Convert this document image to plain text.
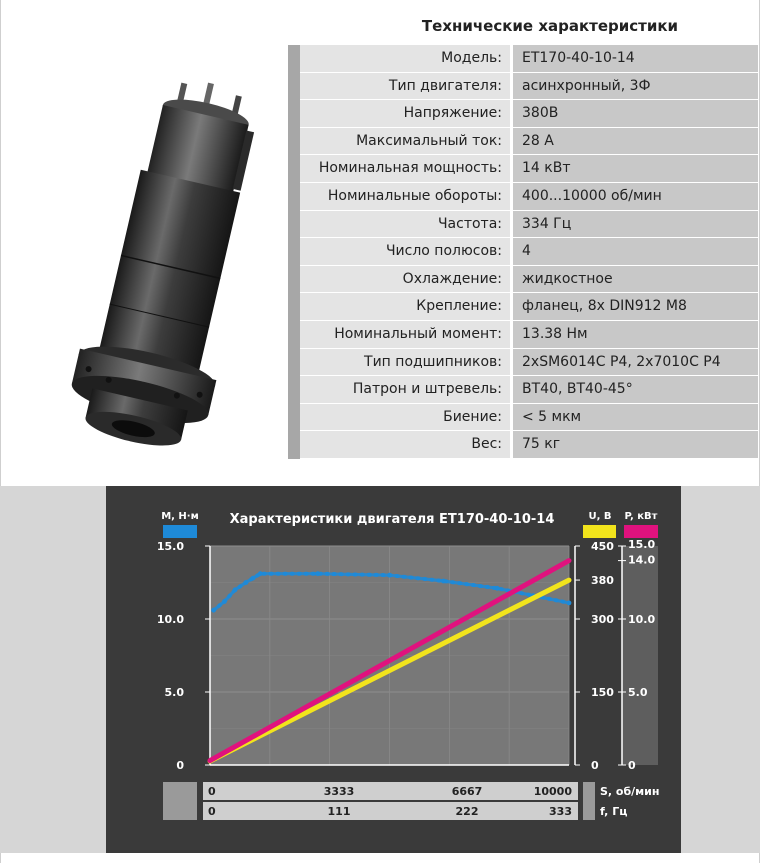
Технические характеристики
Модель:	ET170-40-10-14
Тип двигателя:	асинхронный, 3Ф
Напряжение:	380В
Максимальный ток:	28 А
Номинальная мощность:	14 кВт
Номинальные обороты:	400...10000 об/мин
Частота:	334 Гц
Число полюсов:	4
Охлаждение:	жидкостное
Крепление:	фланец, 8x DIN912 M8
Номинальный момент:	13.38 Нм
Тип подшипников:	2xSM6014C P4, 2x7010C P4
Патрон и штревель:	BT40, BT40-45°
Биение:	< 5 мкм
Вес:	75 кг
15.0
10.0
5.0
0
М, Н·м
450
380
300
150
0
U, В
15.0
14.0
10.0
5.0
0
P, кВт
Характеристики двигателя ET170-40-10-14
0	3333	6667	10000
0	111	222	333
S, об/мин
f, Гц
